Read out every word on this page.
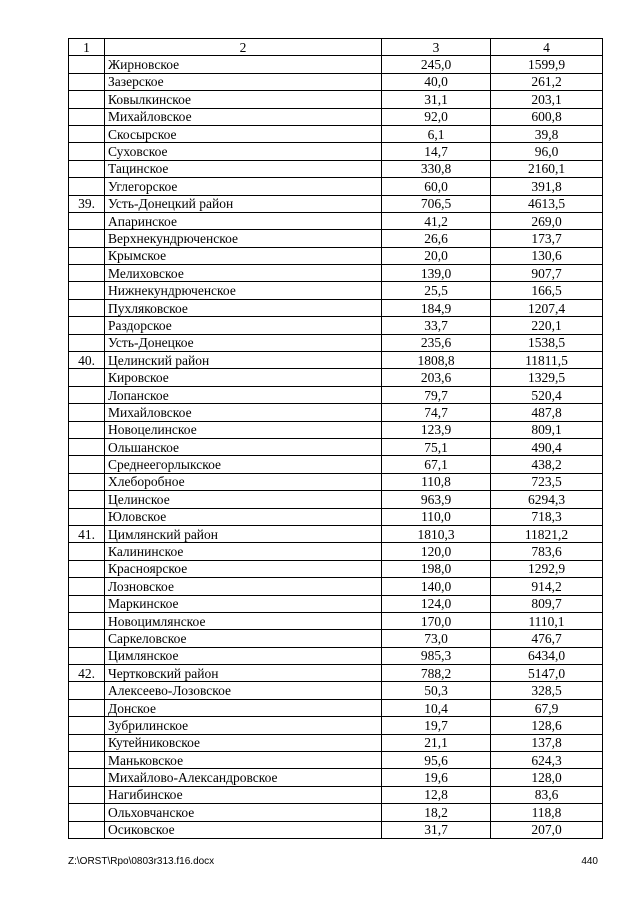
1	2	3	4
	Жирновское	245,0	1599,9
	Зазерское	40,0	261,2
	Ковылкинское	31,1	203,1
	Михайловское	92,0	600,8
	Скосырское	6,1	39,8
	Суховское	14,7	96,0
	Тацинское	330,8	2160,1
	Углегорское	60,0	391,8
39.	Усть-Донецкий район	706,5	4613,5
	Апаринское	41,2	269,0
	Верхнекундрюченское	26,6	173,7
	Крымское	20,0	130,6
	Мелиховское	139,0	907,7
	Нижнекундрюченское	25,5	166,5
	Пухляковское	184,9	1207,4
	Раздорское	33,7	220,1
	Усть-Донецкое	235,6	1538,5
40.	Целинский район	1808,8	11811,5
	Кировское	203,6	1329,5
	Лопанское	79,7	520,4
	Михайловское	74,7	487,8
	Новоцелинское	123,9	809,1
	Ольшанское	75,1	490,4
	Среднеегорлыкское	67,1	438,2
	Хлеборобное	110,8	723,5
	Целинское	963,9	6294,3
	Юловское	110,0	718,3
41.	Цимлянский район	1810,3	11821,2
	Калининское	120,0	783,6
	Красноярское	198,0	1292,9
	Лозновское	140,0	914,2
	Маркинское	124,0	809,7
	Новоцимлянское	170,0	1110,1
	Саркеловское	73,0	476,7
	Цимлянское	985,3	6434,0
42.	Чертковский район	788,2	5147,0
	Алексеево-Лозовское	50,3	328,5
	Донское	10,4	67,9
	Зубрилинское	19,7	128,6
	Кутейниковское	21,1	137,8
	Маньковское	95,6	624,3
	Михайлово-Александровское	19,6	128,0
	Нагибинское	12,8	83,6
	Ольховчанское	18,2	118,8
	Осиковское	31,7	207,0
Z:\ORST\Rpo\0803r313.f16.docx	440
